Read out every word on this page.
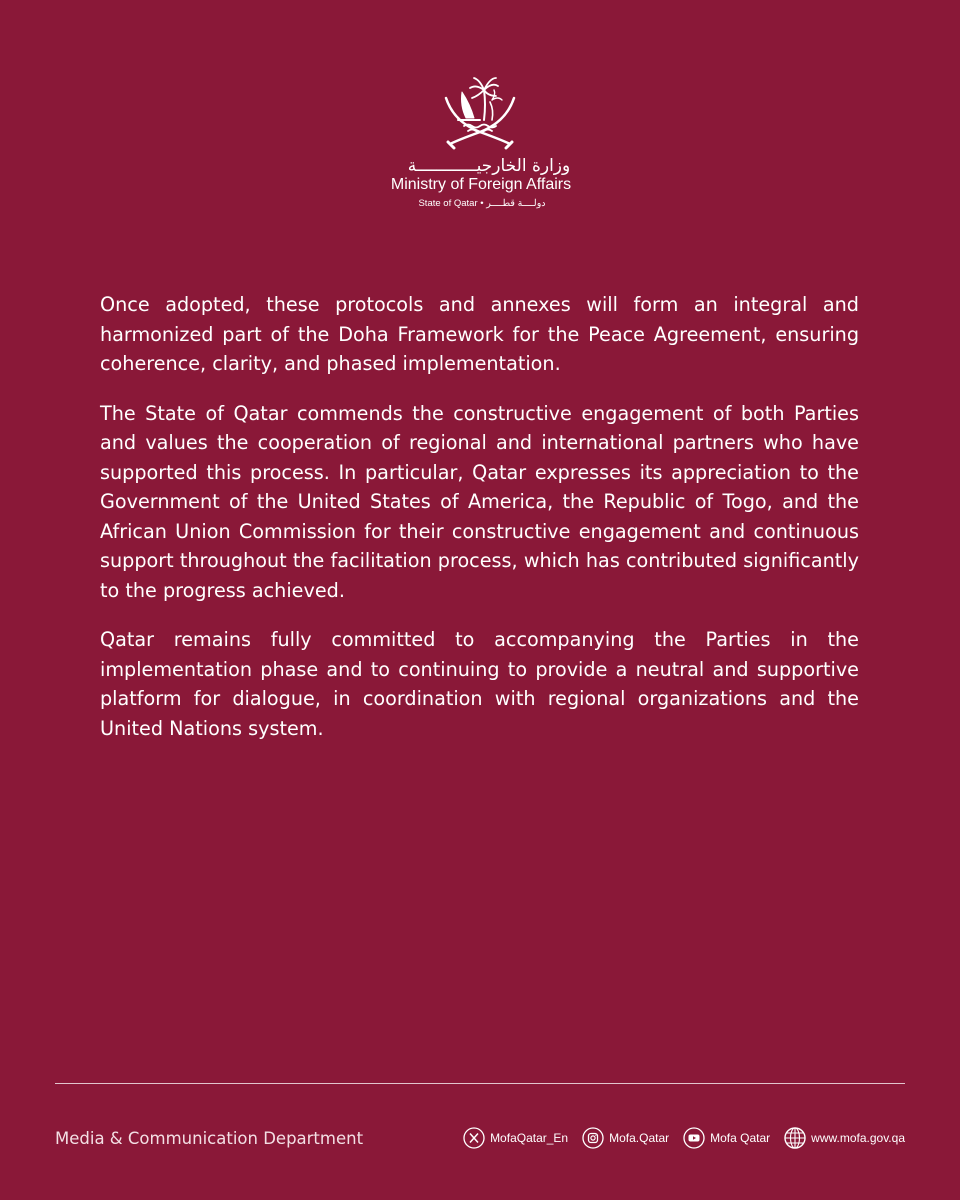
وزارة الخارجيــــــــــــة
Ministry of Foreign Affairs
State of Qatar • دولــــة قطــــر

Once adopted, these protocols and annexes will form an integral and harmonized part of the Doha Framework for the Peace Agreement, ensuring coherence, clarity, and phased implementation.

The State of Qatar commends the constructive engagement of both Parties and values the cooperation of regional and international partners who have supported this process. In particular, Qatar expresses its appreciation to the Government of the United States of America, the Republic of Togo, and the African Union Commission for their constructive engagement and continuous support throughout the facilitation process, which has contributed significantly to the progress achieved.

Qatar remains fully committed to accompanying the Parties in the implementation phase and to continuing to provide a neutral and supportive platform for dialogue, in coordination with regional organizations and the United Nations system.

Media & Communication Department	MofaQatar_En	Mofa.Qatar	Mofa Qatar	www.mofa.gov.qa
